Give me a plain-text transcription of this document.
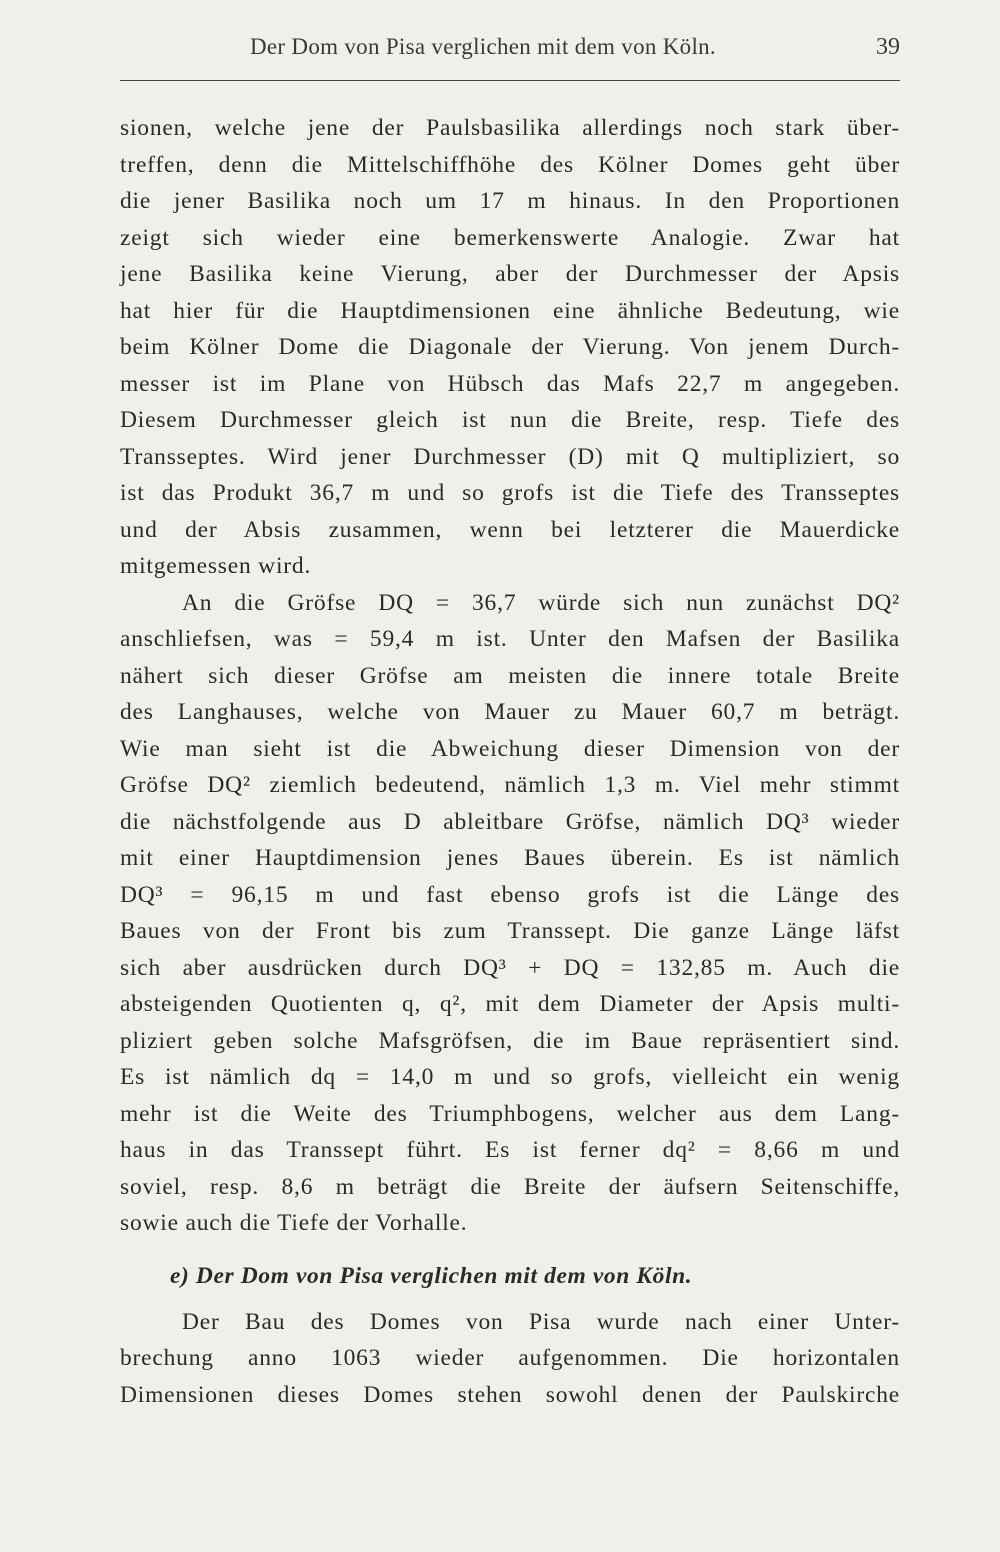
Der Dom von Pisa verglichen mit dem von Köln.	39
sionen, welche jene der Paulsbasilika allerdings noch stark über-
treffen, denn die Mittelschiffhöhe des Kölner Domes geht über
die jener Basilika noch um 17 m hinaus. In den Proportionen
zeigt sich wieder eine bemerkenswerte Analogie. Zwar hat
jene Basilika keine Vierung, aber der Durchmesser der Apsis
hat hier für die Hauptdimensionen eine ähnliche Bedeutung, wie
beim Kölner Dome die Diagonale der Vierung. Von jenem Durch-
messer ist im Plane von Hübsch das Mafs 22,7 m angegeben.
Diesem Durchmesser gleich ist nun die Breite, resp. Tiefe des
Transseptes. Wird jener Durchmesser (D) mit Q multipliziert, so
ist das Produkt 36,7 m und so grofs ist die Tiefe des Transseptes
und der Absis zusammen, wenn bei letzterer die Mauerdicke
mitgemessen wird.
An die Gröfse DQ = 36,7 würde sich nun zunächst DQ²
anschliefsen, was = 59,4 m ist. Unter den Mafsen der Basilika
nähert sich dieser Gröfse am meisten die innere totale Breite
des Langhauses, welche von Mauer zu Mauer 60,7 m beträgt.
Wie man sieht ist die Abweichung dieser Dimension von der
Gröfse DQ² ziemlich bedeutend, nämlich 1,3 m. Viel mehr stimmt
die nächstfolgende aus D ableitbare Gröfse, nämlich DQ³ wieder
mit einer Hauptdimension jenes Baues überein. Es ist nämlich
DQ³ = 96,15 m und fast ebenso grofs ist die Länge des
Baues von der Front bis zum Transsept. Die ganze Länge läfst
sich aber ausdrücken durch DQ³ + DQ = 132,85 m. Auch die
absteigenden Quotienten q, q², mit dem Diameter der Apsis multi-
pliziert geben solche Mafsgröfsen, die im Baue repräsentiert sind.
Es ist nämlich dq = 14,0 m und so grofs, vielleicht ein wenig
mehr ist die Weite des Triumphbogens, welcher aus dem Lang-
haus in das Transsept führt. Es ist ferner dq² = 8,66 m und
soviel, resp. 8,6 m beträgt die Breite der äufsern Seitenschiffe,
sowie auch die Tiefe der Vorhalle.
e) Der Dom von Pisa verglichen mit dem von Köln.
Der Bau des Domes von Pisa wurde nach einer Unter-
brechung anno 1063 wieder aufgenommen. Die horizontalen
Dimensionen dieses Domes stehen sowohl denen der Paulskirche
